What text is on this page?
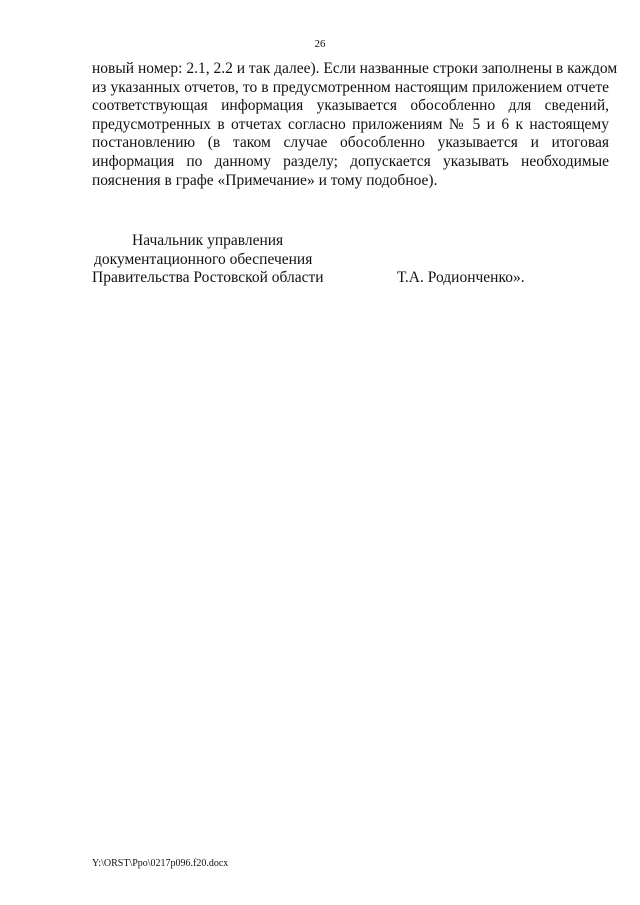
26
новый номер: 2.1, 2.2 и так далее). Если названные строки заполнены в каждом
из указанных отчетов, то в предусмотренном настоящим приложением отчете
соответствующая информация указывается обособленно для сведений,
предусмотренных в отчетах согласно приложениям № 5 и 6 к настоящему
постановлению (в таком случае обособленно указывается и итоговая
информация по данному разделу; допускается указывать необходимые
пояснения в графе «Примечание» и тому подобное).
Начальник управления
документационного обеспечения
Правительства Ростовской области	Т.А. Родионченко».
Y:\ORST\Ppo\0217p096.f20.docx
